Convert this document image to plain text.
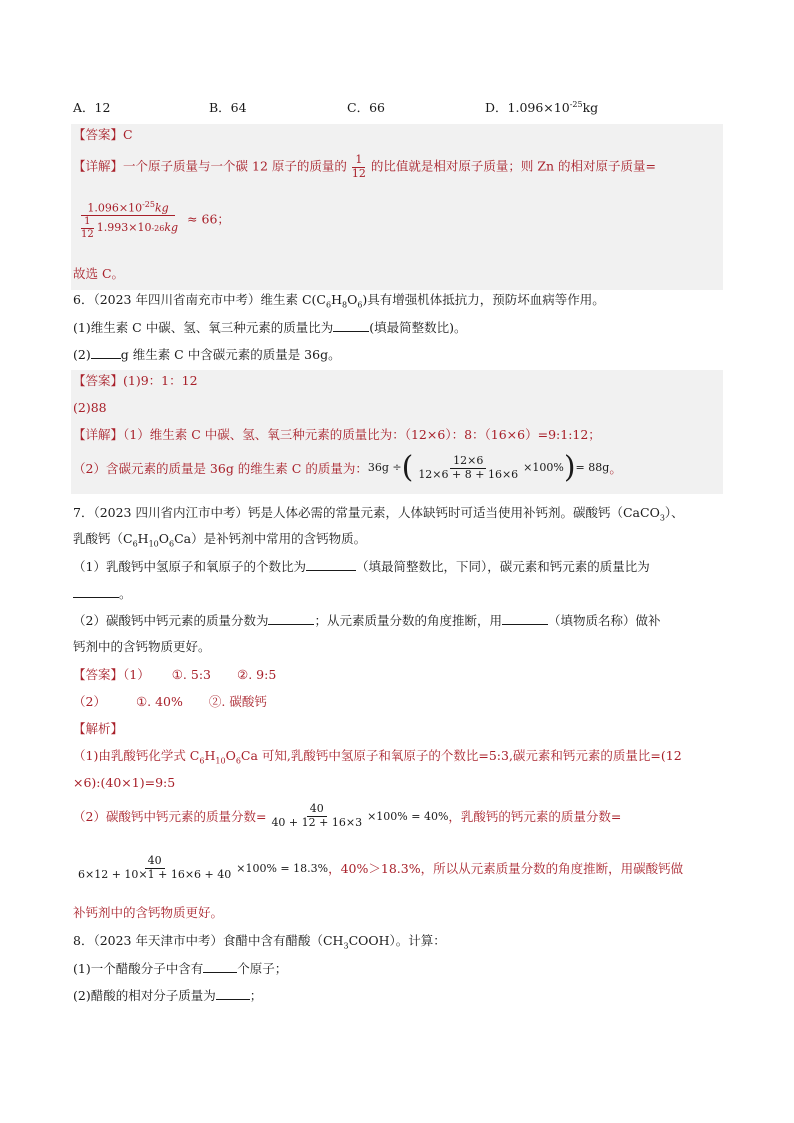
A．12	B．64	C．66	D．$1.096\times 10^{-25}kg$
【答案】C
【详解】一个原子质量与一个碳 12 原子的质量的 $\frac{1}{12}$ 的比值就是相对原子质量；则 Zn 的相对原子质量=
$\frac{1.096\times 10^{-25}kg}{\frac{1}{12} 1.993\times 10 -26 kg} \approx 66$；
故选 C。
6．（2023 年四川省南充市中考）维生素 $C(C_6H_8O_6)$具有增强机体抵抗力，预防坏血病等作用。
(1)维生素 C 中碳、氢、氧三种元素的质量比为	(填最简整数比)。
(2) g 维生素 C 中含碳元素的质量是 36g。
【答案】(1)9：1：12
(2)88
【详解】（1）维生素 C 中碳、氢、氧三种元素的质量比为：（12×6）：8：（16×6）=9:1:12；
（2）含碳元素的质量是 36g 的维生素 C 的质量为： 36g ÷ ( $\frac{12\times 6}{12\times 6 + 8 + 16\times 6} \times 100\%$ ) = 88g 。
7．（2023 四川省内江市中考）钙是人体必需的常量元素，人体缺钙时可适当使用补钙剂。碳酸钙（CaCO$_3$）、
乳酸钙$(C_6H_{10}O_6Ca)$是补钙剂中常用的含钙物质。
（1）乳酸钙中氢原子和氧原子的个数比为	（填最简整数比，下同），碳元素和钙元素的质量比为
。
（2）碳酸钙中钙元素的质量分数为	；从元素质量分数的角度推断，用	（填物质名称）做补
钙剂中的含钙物质更好。
【答案】（1） ①. 5:3 ②. 9:5
（2） ①. 40% ②. 碳酸钙
【解析】
（1)由乳酸钙化学式 $C_6H_{10}O_6Ca$ 可知,乳酸钙中氢原子和氧原子的个数比=5:3,碳元素和钙元素的质量比=(12
×6):(40×1)=9:5
（2）碳酸钙中钙元素的质量分数= $\frac{40}{40 + 12 + 16\times 3} \times 100\% = 40\%$ ，乳酸钙的钙元素的质量分数=
$\frac{40}{6\times 12 + 10\times 1 + 16\times 6 + 40} \times 100\% = 18.3\%$ ，40%＞18.3%，所以从元素质量分数的角度推断，用碳酸钙做
补钙剂中的含钙物质更好。
8．（2023 年天津市中考）食醋中含有醋酸$(CH_3COOH)$。计算：
(1)一个醋酸分子中含有	个原子；
(2)醋酸的相对分子质量为	；
